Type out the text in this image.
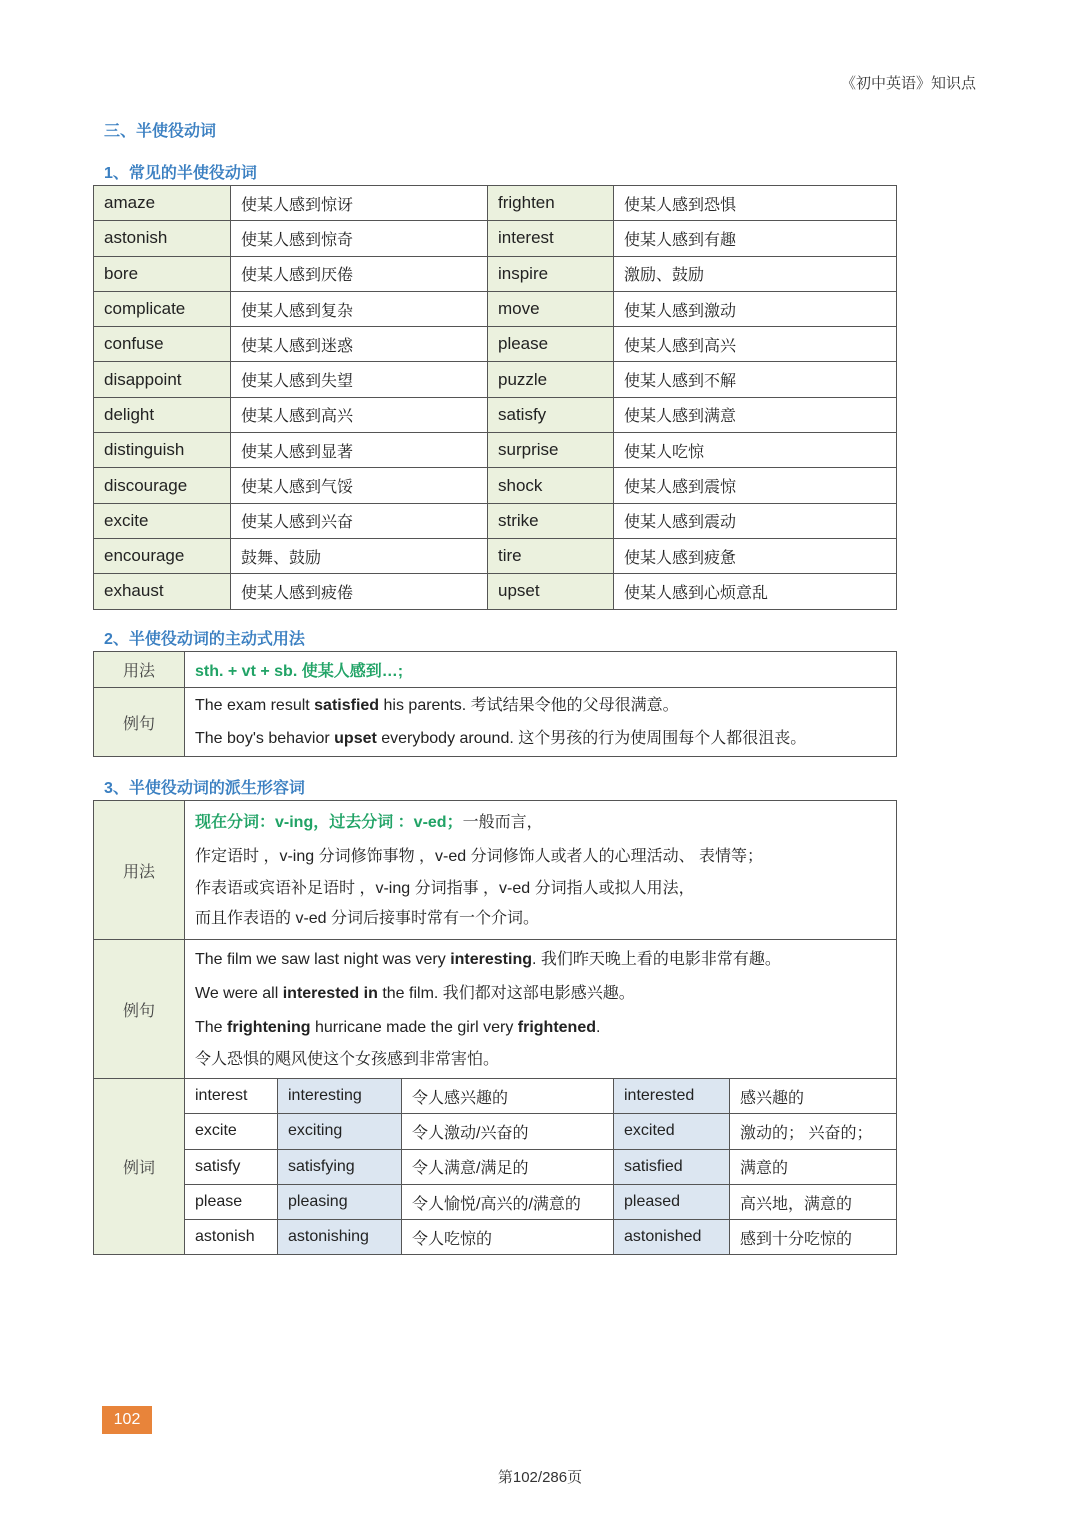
《初中英语》知识点
三、半使役动词
1、常见的半使役动词
amaze	使某人感到惊讶	frighten	使某人感到恐惧
astonish	使某人感到惊奇	interest	使某人感到有趣
bore	使某人感到厌倦	inspire	激励、鼓励
complicate	使某人感到复杂	move	使某人感到激动
confuse	使某人感到迷惑	please	使某人感到高兴
disappoint	使某人感到失望	puzzle	使某人感到不解
delight	使某人感到高兴	satisfy	使某人感到满意
distinguish	使某人感到显著	surprise	使某人吃惊
discourage	使某人感到气馁	shock	使某人感到震惊
excite	使某人感到兴奋	strike	使某人感到震动
encourage	鼓舞、鼓励	tire	使某人感到疲惫
exhaust	使某人感到疲倦	upset	使某人感到心烦意乱
2、半使役动词的主动式用法
用法	sth. + vt + sb. 使某人感到…;
例句	The exam result satisfied his parents. 考试结果令他的父母很满意。
The boy's behavior upset everybody around. 这个男孩的行为使周围每个人都很沮丧。
3、半使役动词的派生形容词
用法	现在分词：v-ing，过去分词 ：v-ed；一般而言，
作定语时 ，v-ing 分词修饰事物 ，v-ed 分词修饰人或者人的心理活动、 表情等；
作表语或宾语补足语时 ，v-ing 分词指事 ，v-ed 分词指人或拟人用法，
而且作表语的 v-ed 分词后接事时常有一个介词。				

例句	The film we saw last night was very interesting. 我们昨天晚上看的电影非常有趣。
We were all interested in the film. 我们都对这部电影感兴趣。
The frightening hurricane made the girl very frightened.
令人恐惧的飓风使这个女孩感到非常害怕。				

例词	interest	interesting	令人感兴趣的	interested	感兴趣的
	excite	exciting	令人激动/兴奋的	excited	激动的； 兴奋的；
	satisfy	satisfying	令人满意/满足的	satisfied	满意的
	please	pleasing	令人愉悦/高兴的/满意的	pleased	高兴地，满意的
	astonish	astonishing	令人吃惊的	astonished	感到十分吃惊的
102
第102/286页
